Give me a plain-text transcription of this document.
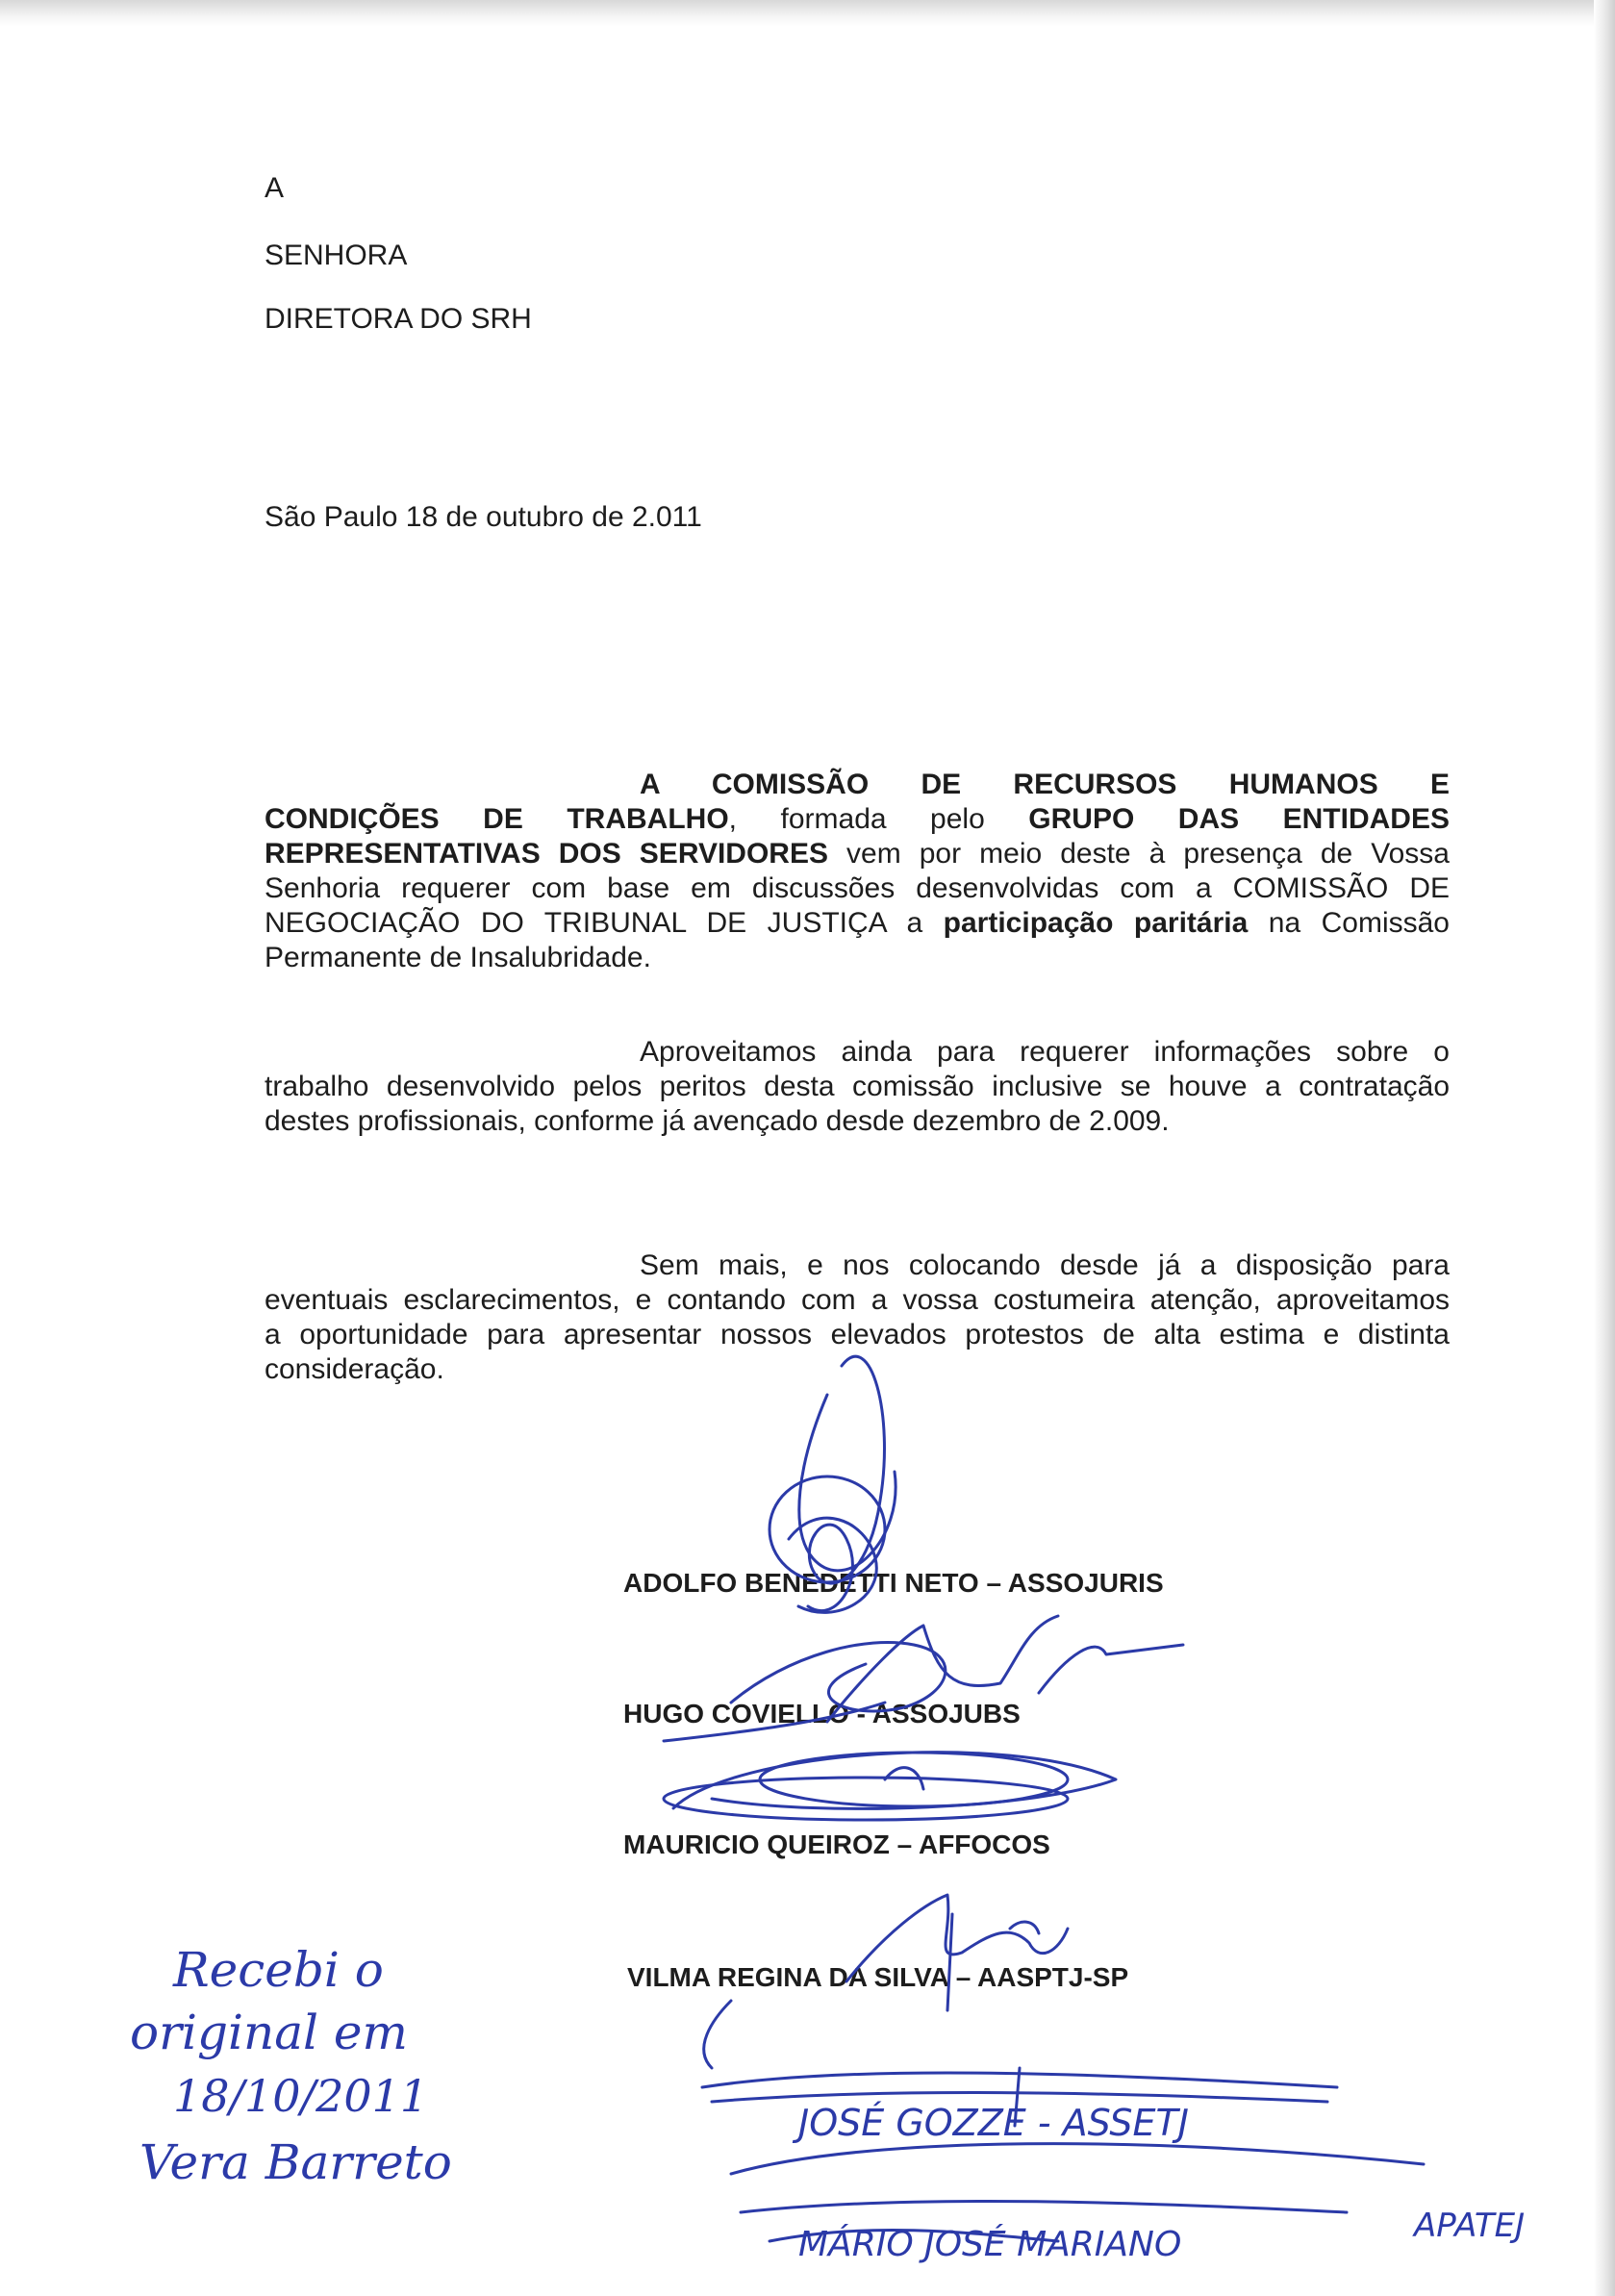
A
SENHORA
DIRETORA DO SRH
São Paulo 18 de outubro de 2.011
A COMISSÃO DE RECURSOS HUMANOS E
CONDIÇÕES DE TRABALHO, formada pelo GRUPO DAS ENTIDADES
REPRESENTATIVAS DOS SERVIDORES vem por meio deste à presença de Vossa
Senhoria requerer com base em discussões desenvolvidas com a COMISSÃO DE
NEGOCIAÇÃO DO TRIBUNAL DE JUSTIÇA a participação paritária na Comissão
Permanente de Insalubridade.
Aproveitamos ainda para requerer informações sobre o
trabalho desenvolvido pelos peritos desta comissão inclusive se houve a contratação
destes profissionais, conforme já avençado desde dezembro de 2.009.
Sem mais, e nos colocando desde já a disposição para
eventuais esclarecimentos, e contando com a vossa costumeira atenção, aproveitamos
a oportunidade para apresentar nossos elevados protestos de alta estima e distinta
consideração.
ADOLFO BENEDETTI NETO – ASSOJURIS
HUGO COVIELLO - ASSOJUBS
MAURICIO QUEIROZ – AFFOCOS
VILMA REGINA DA SILVA – AASPTJ-SP
JOSÉ GOZZE - ASSETJ
MÁRIO JOSÉ MARIANO	APATEJ
Recebi o
original em
18/10/2011
Vera Barreto
